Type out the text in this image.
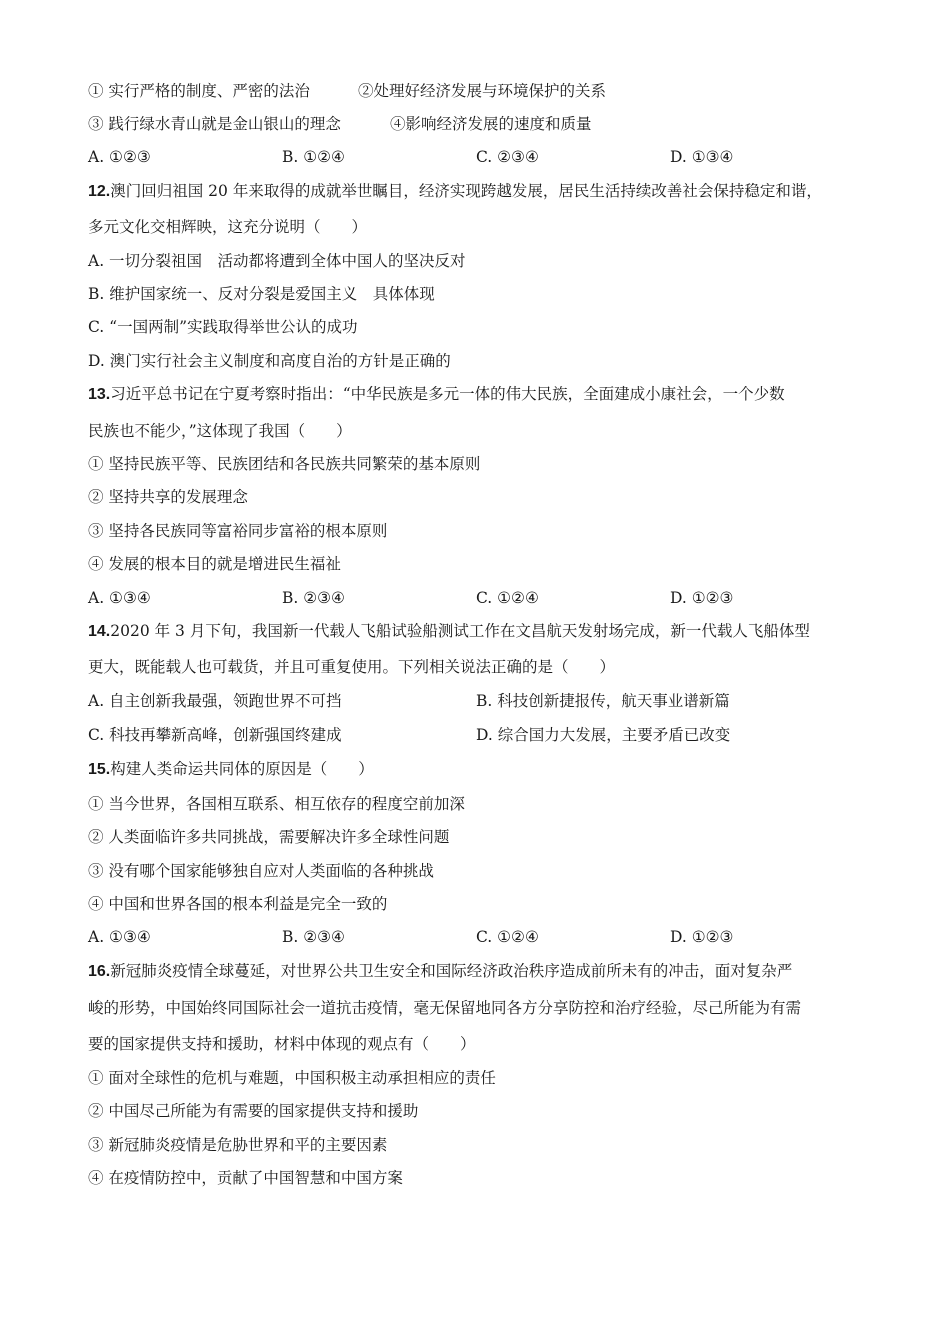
① 实行严格的制度、严密的法治	②处理好经济发展与环境保护的关系
③ 践行绿水青山就是金山银山的理念	④影响经济发展的速度和质量
A. ①②③	B. ①②④	C. ②③④	D. ①③④
12.澳门回归祖国 20 年来取得的成就举世瞩目，经济实现跨越发展，居民生活持续改善社会保持稳定和谐，
多元文化交相辉映，这充分说明（　　）
A. 一切分裂祖国　活动都将遭到全体中国人的坚决反对
B. 维护国家统一、反对分裂是爱国主义　具体体现
C. “一国两制”实践取得举世公认的成功
D. 澳门实行社会主义制度和高度自治的方针是正确的
13.习近平总书记在宁夏考察时指出：“中华民族是多元一体的伟大民族，全面建成小康社会，一个少数
民族也不能少，”这体现了我国（　　）
① 坚持民族平等、民族团结和各民族共同繁荣的基本原则
② 坚持共享的发展理念
③ 坚持各民族同等富裕同步富裕的根本原则
④ 发展的根本目的就是增进民生福祉
A. ①③④	B. ②③④	C. ①②④	D. ①②③
14.2020 年 3 月下旬，我国新一代载人飞船试验船测试工作在文昌航天发射场完成，新一代载人飞船体型
更大，既能载人也可载货，并且可重复使用。下列相关说法正确的是（　　）
A. 自主创新我最强，领跑世界不可挡	B. 科技创新捷报传，航天事业谱新篇
C. 科技再攀新高峰，创新强国终建成	D. 综合国力大发展，主要矛盾已改变
15.构建人类命运共同体的原因是（　　）
① 当今世界，各国相互联系、相互依存的程度空前加深
② 人类面临许多共同挑战，需要解决许多全球性问题
③ 没有哪个国家能够独自应对人类面临的各种挑战
④ 中国和世界各国的根本利益是完全一致的
A. ①③④	B. ②③④	C. ①②④	D. ①②③
16.新冠肺炎疫情全球蔓延，对世界公共卫生安全和国际经济政治秩序造成前所未有的冲击，面对复杂严
峻的形势，中国始终同国际社会一道抗击疫情，毫无保留地同各方分享防控和治疗经验，尽己所能为有需
要的国家提供支持和援助，材料中体现的观点有（　　）
① 面对全球性的危机与难题，中国积极主动承担相应的责任
② 中国尽己所能为有需要的国家提供支持和援助
③ 新冠肺炎疫情是危胁世界和平的主要因素
④ 在疫情防控中，贡献了中国智慧和中国方案
